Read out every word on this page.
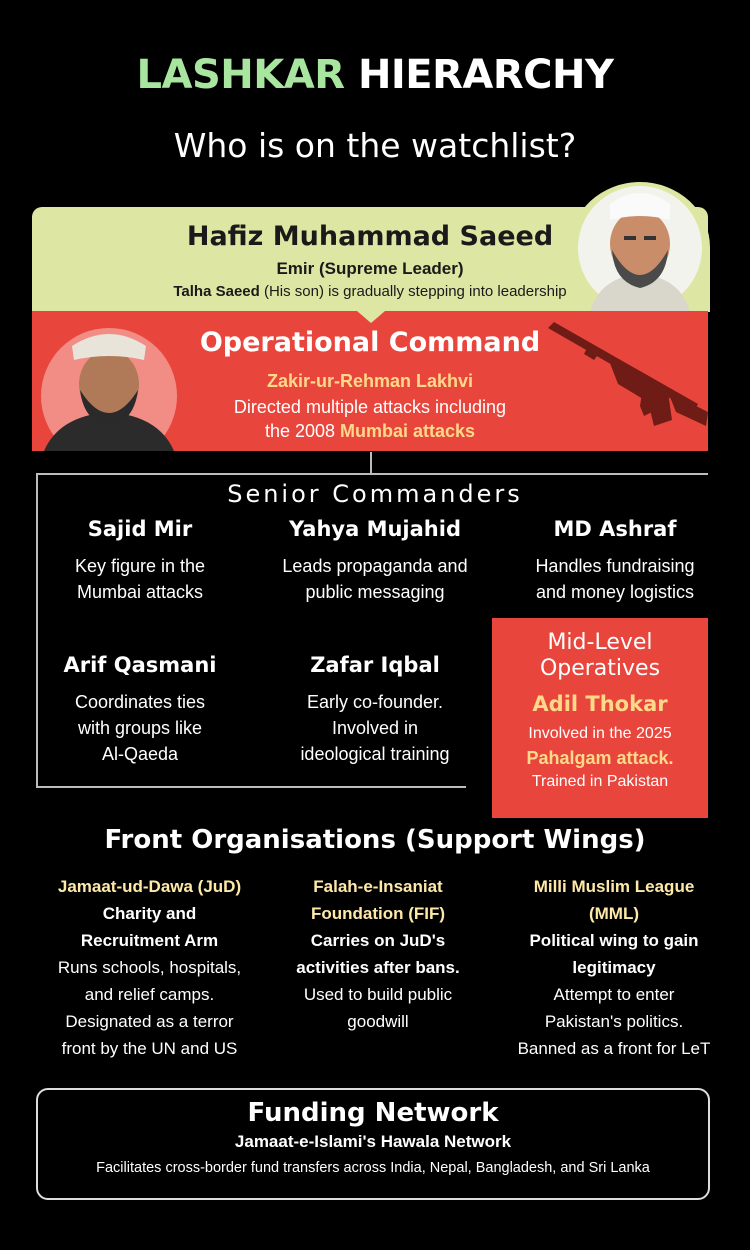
LASHKAR HIERARCHY
Who is on the watchlist?
Hafiz Muhammad Saeed
Emir (Supreme Leader)
Talha Saeed (His son) is gradually stepping into leadership
Operational Command
Zakir-ur-Rehman Lakhvi
Directed multiple attacks including
the 2008 Mumbai attacks
Senior Commanders
Sajid Mir
Key figure in the
Mumbai attacks
Yahya Mujahid
Leads propaganda and
public messaging
MD Ashraf
Handles fundraising
and money logistics
Arif Qasmani
Coordinates ties
with groups like
Al-Qaeda
Zafar Iqbal
Early co-founder.
Involved in
ideological training
Mid-Level
Operatives
Adil Thokar
Involved in the 2025
Pahalgam attack.
Trained in Pakistan
Front Organisations (Support Wings)
Jamaat-ud-Dawa (JuD)
Charity and
Recruitment Arm
Runs schools, hospitals,
and relief camps.
Designated as a terror
front by the UN and US
Falah-e-Insaniat
Foundation (FIF)
Carries on JuD's
activities after bans.
Used to build public
goodwill
Milli Muslim League
(MML)
Political wing to gain
legitimacy
Attempt to enter
Pakistan's politics.
Banned as a front for LeT
Funding Network
Jamaat-e-Islami's Hawala Network
Facilitates cross-border fund transfers across India, Nepal, Bangladesh, and Sri Lanka
